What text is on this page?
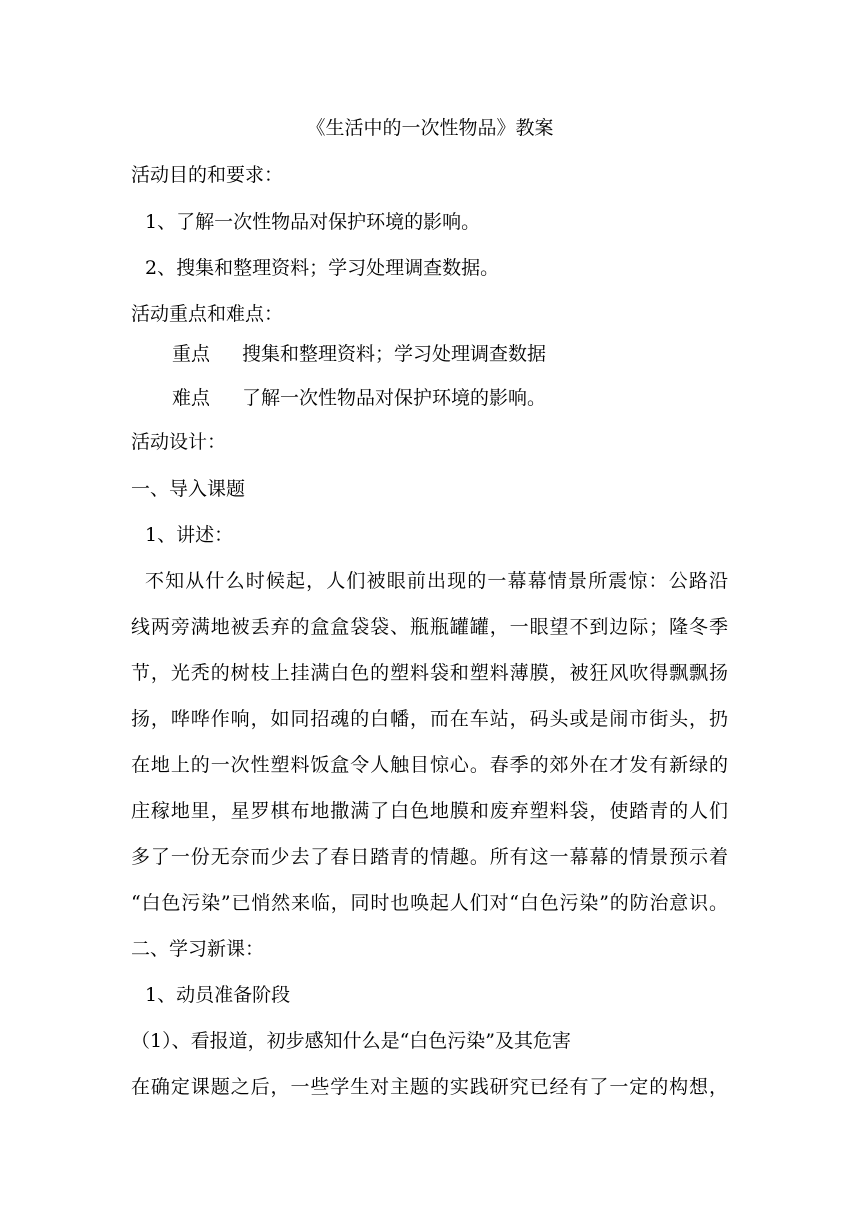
《生活中的一次性物品》教案
活动目的和要求：
1、了解一次性物品对保护环境的影响。
2、搜集和整理资料；学习处理调查数据。
活动重点和难点：
重点 搜集和整理资料；学习处理调查数据
难点 了解一次性物品对保护环境的影响。
活动设计：
一、导入课题
1、讲述：
不知从什么时候起，人们被眼前出现的一幕幕情景所震惊：公路沿
线两旁满地被丢弃的盒盒袋袋、瓶瓶罐罐，一眼望不到边际；隆冬季
节，光秃的树枝上挂满白色的塑料袋和塑料薄膜，被狂风吹得飘飘扬
扬，哗哗作响，如同招魂的白幡，而在车站，码头或是闹市街头，扔
在地上的一次性塑料饭盒令人触目惊心。春季的郊外在才发有新绿的
庄稼地里，星罗棋布地撒满了白色地膜和废弃塑料袋，使踏青的人们
多了一份无奈而少去了春日踏青的情趣。所有这一幕幕的情景预示着
“白色污染”已悄然来临，同时也唤起人们对“白色污染”的防治意识。
二、学习新课：
1、动员准备阶段
（1）、看报道，初步感知什么是“白色污染”及其危害
在确定课题之后，一些学生对主题的实践研究已经有了一定的构想，
